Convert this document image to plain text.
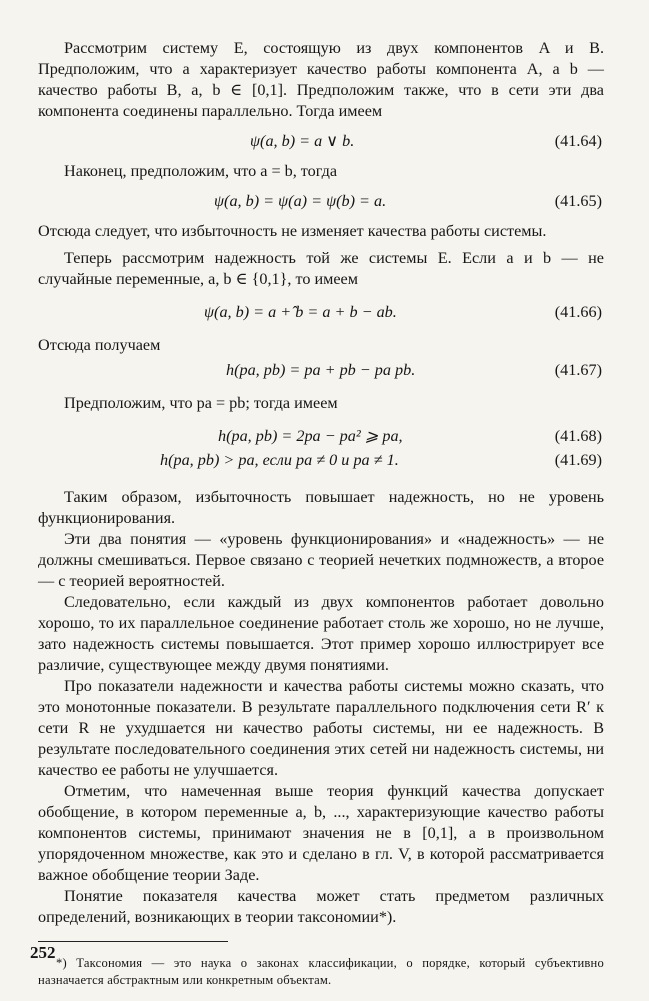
Рассмотрим систему E, состоящую из двух компонентов A и B. Предположим, что a характеризует качество работы компонента A, a b — качество работы B, a, b ∈ [0,1]. Предположим также, что в сети эти два компонента соединены параллельно. Тогда имеем

ψ(a, b) = a ∨ b.	(41.64)

Наконец, предположим, что a = b, тогда

ψ(a, b) = ψ(a) = ψ(b) = a.	(41.65)

Отсюда следует, что избыточность не изменяет качества работы системы.

Теперь рассмотрим надежность той же системы E. Если a и b — не случайные переменные, a, b ∈ {0,1}, то имеем

ψ(a, b) = a +̂ b = a + b − ab.	(41.66)

Отсюда получаем

h(pa, pb) = pa + pb − pa pb.	(41.67)

Предположим, что pa = pb; тогда имеем

h(pa, pb) = 2pa − pa² ⩾ pa,	(41.68)
h(pa, pb) > pa, если pa ≠ 0 и pa ≠ 1.	(41.69)

Таким образом, избыточность повышает надежность, но не уровень функционирования.

Эти два понятия — «уровень функционирования» и «надежность» — не должны смешиваться. Первое связано с теорией нечетких подмножеств, а второе — с теорией вероятностей.

Следовательно, если каждый из двух компонентов работает довольно хорошо, то их параллельное соединение работает столь же хорошо, но не лучше, зато надежность системы повышается. Этот пример хорошо иллюстрирует все различие, существующее между двумя понятиями.

Про показатели надежности и качества работы системы можно сказать, что это монотонные показатели. В результате параллельного подключения сети R′ к сети R не ухудшается ни качество работы системы, ни ее надежность. В результате последовательного соединения этих сетей ни надежность системы, ни качество ее работы не улучшается.

Отметим, что намеченная выше теория функций качества допускает обобщение, в котором переменные a, b, ..., характеризующие качество работы компонентов системы, принимают значения не в [0,1], а в произвольном упорядоченном множестве, как это и сделано в гл. V, в которой рассматривается важное обобщение теории Заде.

Понятие показателя качества может стать предметом различных определений, возникающих в теории таксономии*).

*) Таксономия — это наука о законах классификации, о порядке, который субъективно назначается абстрактным или конкретным объектам.

252
